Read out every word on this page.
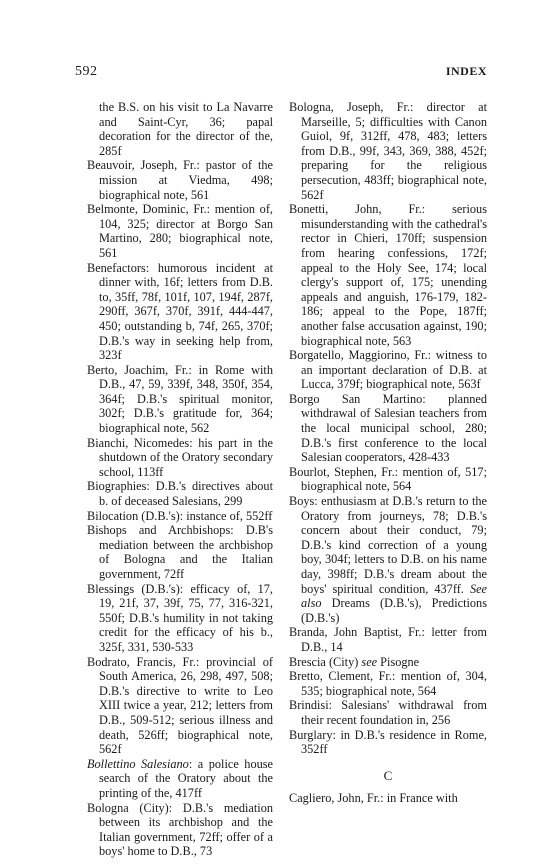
592	INDEX

the B.S. on his visit to La Navarre and Saint-Cyr, 36; papal decoration for the director of the, 285f

Beauvoir, Joseph, Fr.: pastor of the mission at Viedma, 498; biographical note, 561

Belmonte, Dominic, Fr.: mention of, 104, 325; director at Borgo San Martino, 280; biographical note, 561

Benefactors: humorous incident at dinner with, 16f; letters from D.B. to, 35ff, 78f, 101f, 107, 194f, 287f, 290ff, 367f, 370f, 391f, 444-447, 450; outstanding b, 74f, 265, 370f; D.B.'s way in seeking help from, 323f

Berto, Joachim, Fr.: in Rome with D.B., 47, 59, 339f, 348, 350f, 354, 364f; D.B.'s spiritual monitor, 302f; D.B.'s gratitude for, 364; biographical note, 562

Bianchi, Nicomedes: his part in the shutdown of the Oratory secondary school, 113ff

Biographies: D.B.'s directives about b. of deceased Salesians, 299

Bilocation (D.B.'s): instance of, 552ff

Bishops and Archbishops: D.B's mediation between the archbishop of Bologna and the Italian government, 72ff

Blessings (D.B.'s): efficacy of, 17, 19, 21f, 37, 39f, 75, 77, 316-321, 550f; D.B.'s humility in not taking credit for the efficacy of his b., 325f, 331, 530-533

Bodrato, Francis, Fr.: provincial of South America, 26, 298, 497, 508; D.B.'s directive to write to Leo XIII twice a year, 212; letters from D.B., 509-512; serious illness and death, 526ff; biographical note, 562f

Bollettino Salesiano: a police house search of the Oratory about the printing of the, 417ff

Bologna (City): D.B.'s mediation between its archbishop and the Italian government, 72ff; offer of a boys' home to D.B., 73

Bologna, Joseph, Fr.: director at Marseille, 5; difficulties with Canon Guiol, 9f, 312ff, 478, 483; letters from D.B., 99f, 343, 369, 388, 452f; preparing for the religious persecution, 483ff; biographical note, 562f

Bonetti, John, Fr.: serious misunderstanding with the cathedral's rector in Chieri, 170ff; suspension from hearing confessions, 172f; appeal to the Holy See, 174; local clergy's support of, 175; unending appeals and anguish, 176-179, 182-186; appeal to the Pope, 187ff; another false accusation against, 190; biographical note, 563

Borgatello, Maggiorino, Fr.: witness to an important declaration of D.B. at Lucca, 379f; biographical note, 563f

Borgo San Martino: planned withdrawal of Salesian teachers from the local municipal school, 280; D.B.'s first conference to the local Salesian cooperators, 428-433

Bourlot, Stephen, Fr.: mention of, 517; biographical note, 564

Boys: enthusiasm at D.B.'s return to the Oratory from journeys, 78; D.B.'s concern about their conduct, 79; D.B.'s kind correction of a young boy, 304f; letters to D.B. on his name day, 398ff; D.B.'s dream about the boys' spiritual condition, 437ff. See also Dreams (D.B.'s), Predictions (D.B.'s)

Branda, John Baptist, Fr.: letter from D.B., 14

Brescia (City) see Pisogne

Bretto, Clement, Fr.: mention of, 304, 535; biographical note, 564

Brindisi: Salesians' withdrawal from their recent foundation in, 256

Burglary: in D.B.'s residence in Rome, 352ff

C

Cagliero, John, Fr.: in France with
